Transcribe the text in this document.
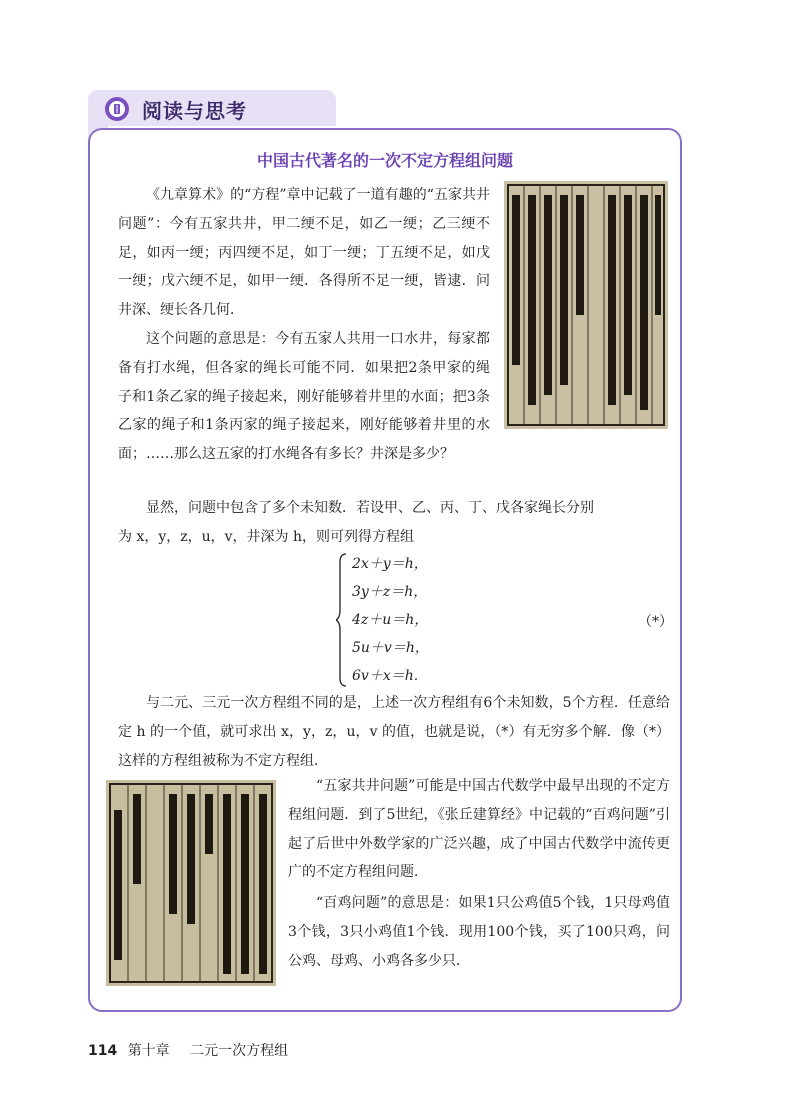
阅读与思考
中国古代著名的一次不定方程组问题

《九章算术》的“方程”章中记载了一道有趣的“五家共井问题”：今有五家共井，甲二绠不足，如乙一绠；乙三绠不足，如丙一绠；丙四绠不足，如丁一绠；丁五绠不足，如戊一绠；戊六绠不足，如甲一绠．各得所不足一绠，皆逮．问井深、绠长各几何．

这个问题的意思是：今有五家人共用一口水井，每家都备有打水绳，但各家的绳长可能不同．如果把2条甲家的绳子和1条乙家的绳子接起来，刚好能够着井里的水面；把3条乙家的绳子和1条丙家的绳子接起来，刚好能够着井里的水面；……那么这五家的打水绳各有多长？井深是多少？

显然，问题中包含了多个未知数．若设甲、乙、丙、丁、戊各家绳长分别
为 x，y，z，u，v，井深为 h，则可列得方程组

2x＋y＝h，
3y＋z＝h，
4z＋u＝h，
5u＋v＝h，
6v＋x＝h.
（*）

与二元、三元一次方程组不同的是，上述一次方程组有6个未知数，5个方程．任意给定 h 的一个值，就可求出 x，y，z，u，v 的值，也就是说，（*）有无穷多个解．像（*）这样的方程组被称为不定方程组．

“五家共井问题”可能是中国古代数学中最早出现的不定方程组问题．到了5世纪，《张丘建算经》中记载的“百鸡问题”引起了后世中外数学家的广泛兴趣，成了中国古代数学中流传更广的不定方程组问题．

“百鸡问题”的意思是：如果1只公鸡值5个钱，1只母鸡值3个钱，3只小鸡值1个钱．现用100个钱，买了100只鸡，问公鸡、母鸡、小鸡各多少只．

114 第十章 二元一次方程组
